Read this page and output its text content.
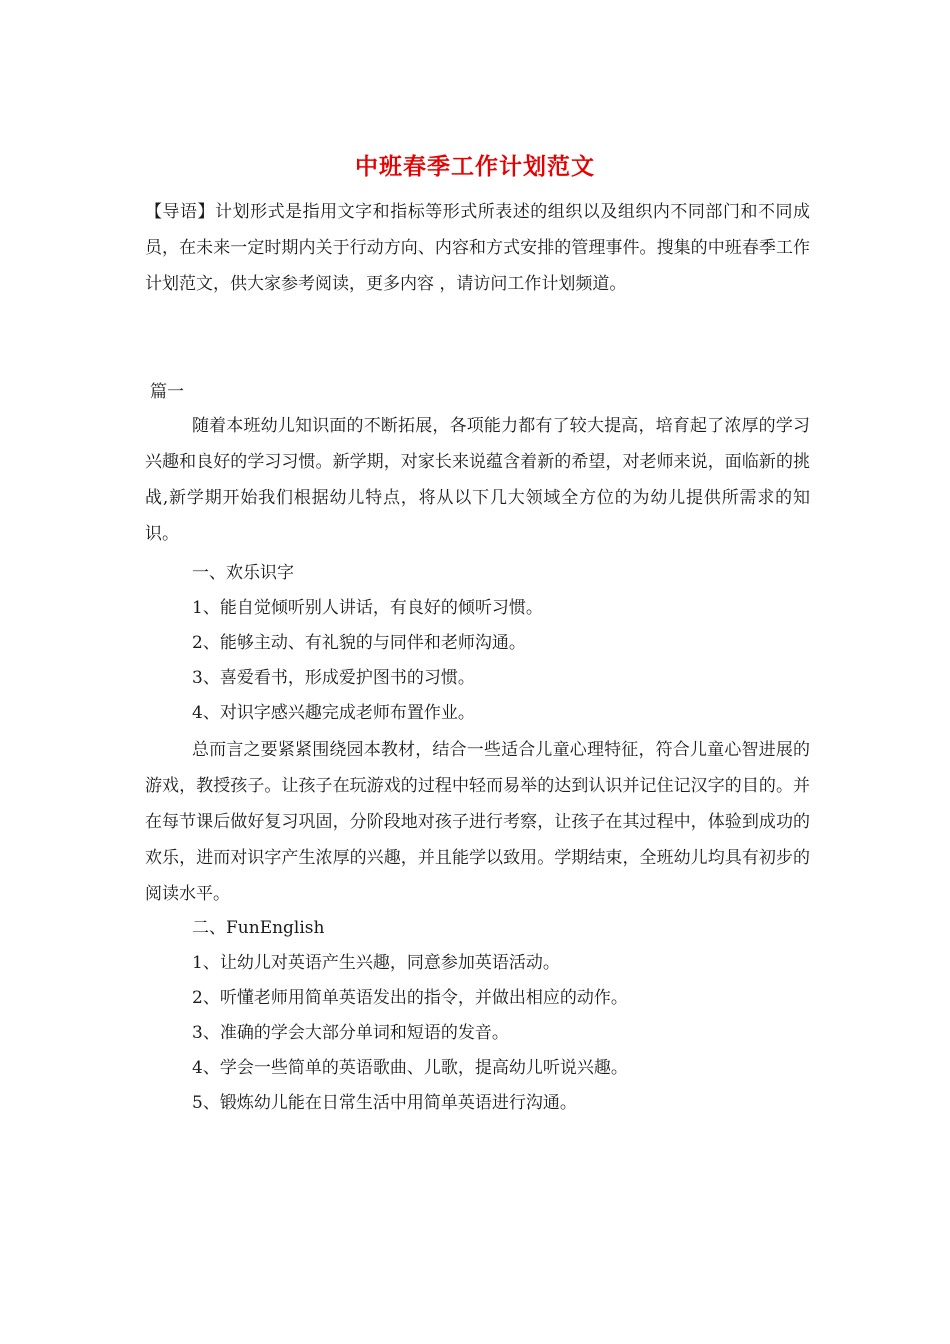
中班春季工作计划范文
【导语】计划形式是指用文字和指标等形式所表述的组织以及组织内不同部门和不同成员，在未来一定时期内关于行动方向、内容和方式安排的管理事件。搜集的中班春季工作计划范文，供大家参考阅读，更多内容 ，请访问工作计划频道。
篇一

随着本班幼儿知识面的不断拓展，各项能力都有了较大提高，培育起了浓厚的学习兴趣和良好的学习习惯。新学期，对家长来说蕴含着新的希望，对老师来说，面临新的挑战,新学期开始我们根据幼儿特点，将从以下几大领域全方位的为幼儿提供所需求的知识。

一、欢乐识字
1、能自觉倾听别人讲话，有良好的倾听习惯。
2、能够主动、有礼貌的与同伴和老师沟通。
3、喜爱看书，形成爱护图书的习惯。
4、对识字感兴趣完成老师布置作业。

总而言之要紧紧围绕园本教材，结合一些适合儿童心理特征，符合儿童心智进展的游戏，教授孩子。让孩子在玩游戏的过程中轻而易举的达到认识并记住记汉字的目的。并在每节课后做好复习巩固，分阶段地对孩子进行考察，让孩子在其过程中，体验到成功的欢乐，进而对识字产生浓厚的兴趣，并且能学以致用。学期结束，全班幼儿均具有初步的阅读水平。

二、FunEnglish
1、让幼儿对英语产生兴趣，同意参加英语活动。
2、听懂老师用简单英语发出的指令，并做出相应的动作。
3、准确的学会大部分单词和短语的发音。
4、学会一些简单的英语歌曲、儿歌，提高幼儿听说兴趣。
5、锻炼幼儿能在日常生活中用简单英语进行沟通。
